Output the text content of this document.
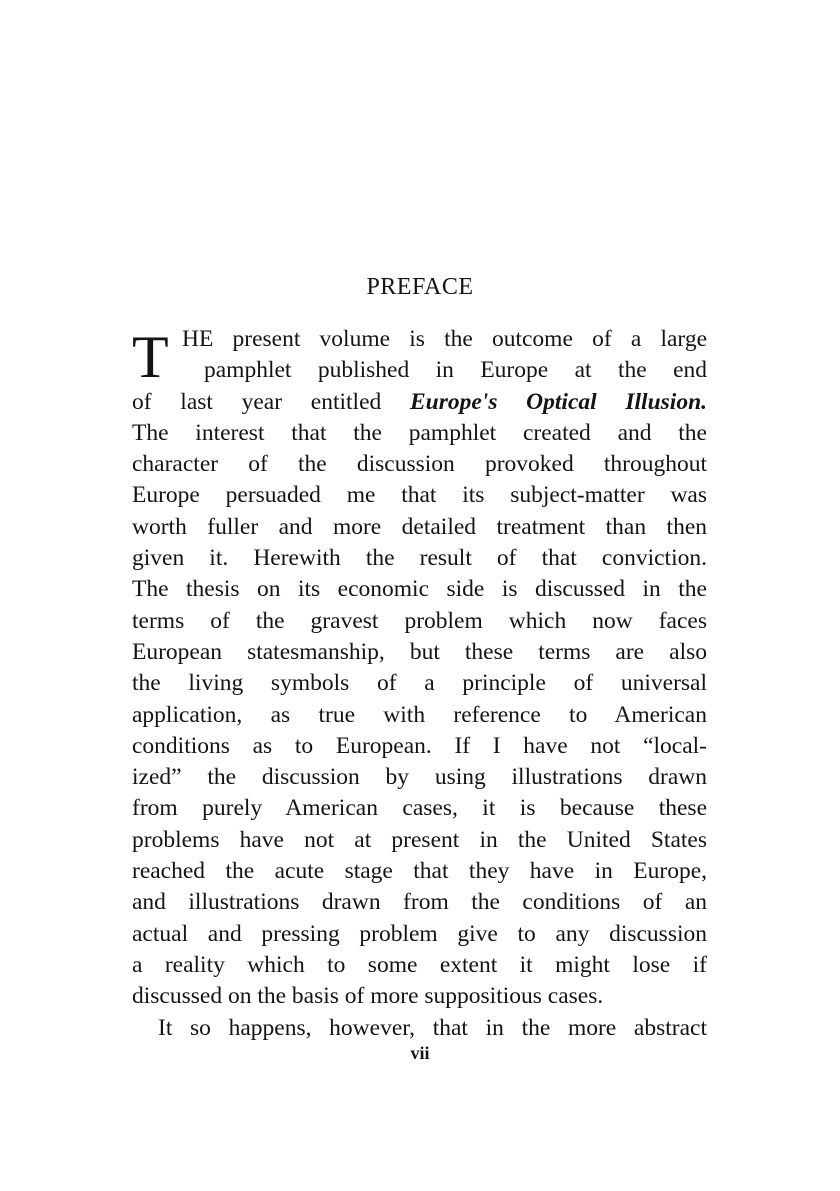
PREFACE
T HE present volume is the outcome of a large
pamphlet published in Europe at the end
of last year entitled Europe's Optical Illusion.
The interest that the pamphlet created and the
character of the discussion provoked throughout
Europe persuaded me that its subject-matter was
worth fuller and more detailed treatment than then
given it. Herewith the result of that conviction.
The thesis on its economic side is discussed in the
terms of the gravest problem which now faces
European statesmanship, but these terms are also
the living symbols of a principle of universal
application, as true with reference to American
conditions as to European. If I have not “local-
ized” the discussion by using illustrations drawn
from purely American cases, it is because these
problems have not at present in the United States
reached the acute stage that they have in Europe,
and illustrations drawn from the conditions of an
actual and pressing problem give to any discussion
a reality which to some extent it might lose if
discussed on the basis of more suppositious cases.
It so happens, however, that in the more abstract
vii
